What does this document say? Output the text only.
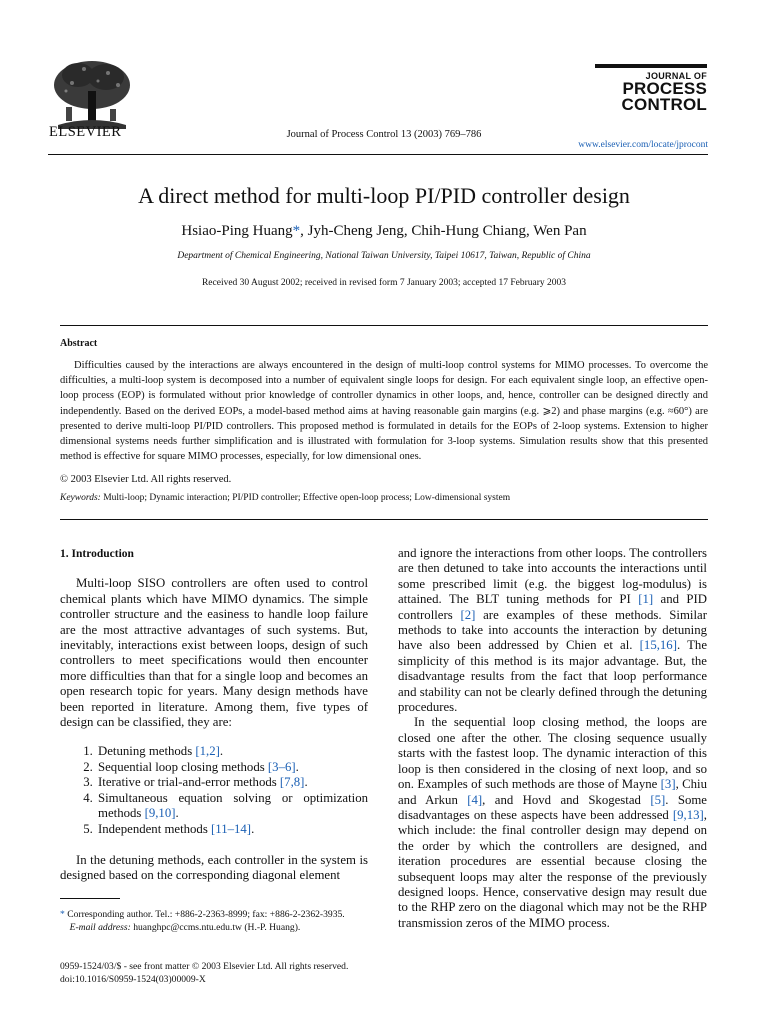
ELSEVIER	Journal of Process Control 13 (2003) 769–786
JOURNAL OF
PROCESS
CONTROL
www.elsevier.com/locate/jprocont
A direct method for multi-loop PI/PID controller design
Hsiao-Ping Huang*, Jyh-Cheng Jeng, Chih-Hung Chiang, Wen Pan
Department of Chemical Engineering, National Taiwan University, Taipei 10617, Taiwan, Republic of China
Received 30 August 2002; received in revised form 7 January 2003; accepted 17 February 2003
Abstract

Difficulties caused by the interactions are always encountered in the design of multi-loop control systems for MIMO processes. To overcome the difficulties, a multi-loop system is decomposed into a number of equivalent single loops for design. For each equivalent single loop, an effective open-loop process (EOP) is formulated without prior knowledge of controller dynamics in other loops, and, hence, controller can be designed directly and independently. Based on the derived EOPs, a model-based method aims at having reasonable gain margins (e.g. ⩾2) and phase margins (e.g. ≈60°) are presented to derive multi-loop PI/PID controllers. This proposed method is formulated in details for the EOPs of 2-loop systems. Extension to higher dimensional systems needs further simplification and is illustrated with formulation for 3-loop systems. Simulation results show that this presented method is effective for square MIMO processes, especially, for low dimensional ones.

© 2003 Elsevier Ltd. All rights reserved.
Keywords: Multi-loop; Dynamic interaction; PI/PID controller; Effective open-loop process; Low-dimensional system
1. Introduction

Multi-loop SISO controllers are often used to control chemical plants which have MIMO dynamics. The simple controller structure and the easiness to handle loop failure are the most attractive advantages of such systems. But, inevitably, interactions exist between loops, design of such controllers to meet specifications would then encounter more difficulties than that for a single loop and becomes an open research topic for years. Many design methods have been reported in literature. Among them, five types of design can be classified, they are:

1. Detuning methods [1,2].
2. Sequential loop closing methods [3–6].
3. Iterative or trial-and-error methods [7,8].
4. Simultaneous equation solving or optimization methods [9,10].
5. Independent methods [11–14].

In the detuning methods, each controller in the system is designed based on the corresponding diagonal element

* Corresponding author. Tel.: +886-2-2363-8999; fax: +886-2-2362-3935.
E-mail address: huanghpc@ccms.ntu.edu.tw (H.-P. Huang).
0959-1524/03/$ - see front matter © 2003 Elsevier Ltd. All rights reserved.
doi:10.1016/S0959-1524(03)00009-X

and ignore the interactions from other loops. The controllers are then detuned to take into accounts the interactions until some prescribed limit (e.g. the biggest log-modulus) is attained. The BLT tuning methods for PI [1] and PID controllers [2] are examples of these methods. Similar methods to take into accounts the interaction by detuning have also been addressed by Chien et al. [15,16]. The simplicity of this method is its major advantage. But, the disadvantage results from the fact that loop performance and stability can not be clearly defined through the detuning procedures.

In the sequential loop closing method, the loops are closed one after the other. The closing sequence usually starts with the fastest loop. The dynamic interaction of this loop is then considered in the closing of next loop, and so on. Examples of such methods are those of Mayne [3], Chiu and Arkun [4], and Hovd and Skogestad [5]. Some disadvantages on these aspects have been addressed [9,13], which include: the final controller design may depend on the order by which the controllers are designed, and iteration procedures are essential because closing the subsequent loops may alter the response of the previously designed loops. Hence, conservative design may result due to the RHP zero on the diagonal which may not be the RHP transmission zeros of the MIMO process.
